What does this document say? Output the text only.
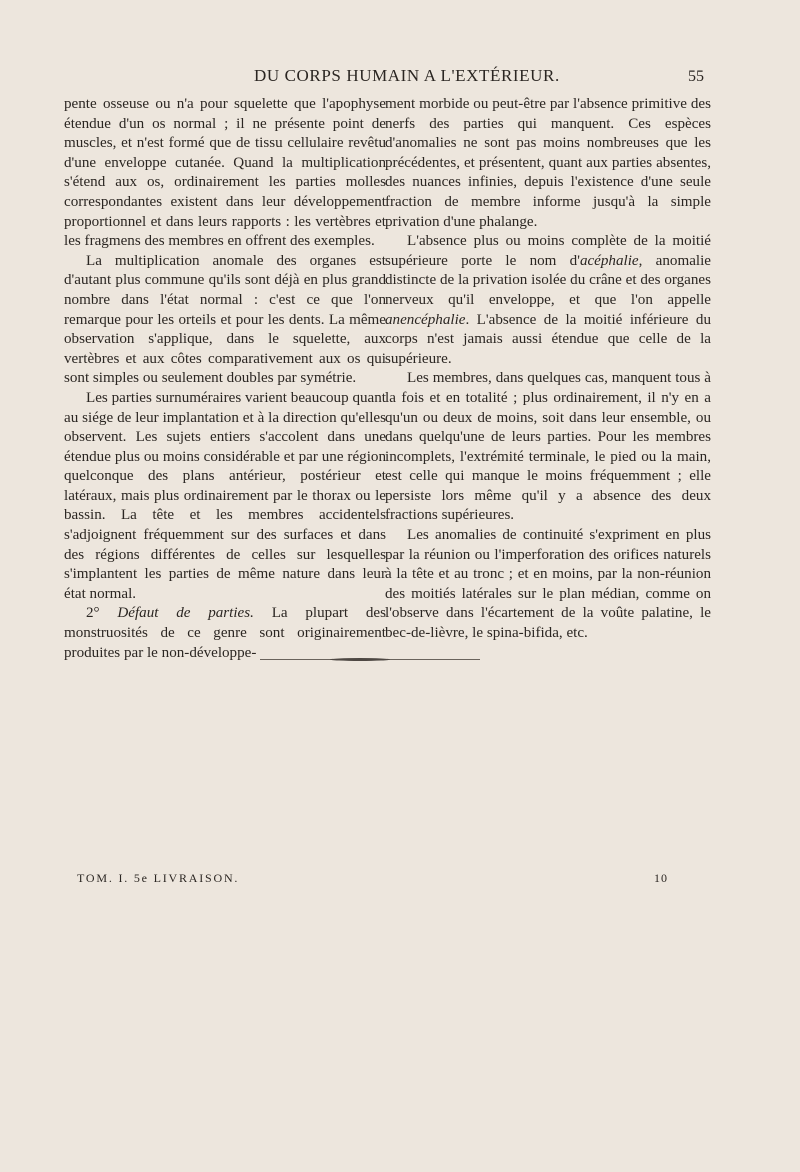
DU CORPS HUMAIN A L'EXTÉRIEUR.	55

pente osseuse ou n'a pour squelette que l'apophyse étendue d'un os normal ; il ne présente point de muscles, et n'est formé que de tissu cellulaire revêtu d'une enveloppe cutanée. Quand la multiplication s'étend aux os, ordinairement les parties molles correspondantes existent dans leur développement proportionnel et dans leurs rapports : les vertèbres et les fragmens des membres en offrent des exemples.

La multiplication anomale des organes est d'autant plus commune qu'ils sont déjà en plus grand nombre dans l'état normal : c'est ce que l'on remarque pour les orteils et pour les dents. La même observation s'applique, dans le squelette, aux vertèbres et aux côtes comparativement aux os qui sont simples ou seulement doubles par symétrie.

Les parties surnuméraires varient beaucoup quant au siége de leur implantation et à la direction qu'elles observent. Les sujets entiers s'accolent dans une étendue plus ou moins considérable et par une région quelconque des plans antérieur, postérieur et latéraux, mais plus ordinairement par le thorax ou le bassin. La tête et les membres accidentels s'adjoignent fréquemment sur des surfaces et dans des régions différentes de celles sur lesquelles s'implantent les parties de même nature dans leur état normal.

2° Défaut de parties. La plupart des monstruosités de ce genre sont originairement produites par le non-développe-

ment morbide ou peut-être par l'absence primitive des nerfs des parties qui manquent. Ces espèces d'anomalies ne sont pas moins nombreuses que les précédentes, et présentent, quant aux parties absentes, des nuances infinies, depuis l'existence d'une seule fraction de membre informe jusqu'à la simple privation d'une phalange.

L'absence plus ou moins complète de la moitié supérieure porte le nom d'acéphalie, anomalie distincte de la privation isolée du crâne et des organes nerveux qu'il enveloppe, et que l'on appelle anencéphalie. L'absence de la moitié inférieure du corps n'est jamais aussi étendue que celle de la supérieure.

Les membres, dans quelques cas, manquent tous à la fois et en totalité ; plus ordinairement, il n'y en a qu'un ou deux de moins, soit dans leur ensemble, ou dans quelqu'une de leurs parties. Pour les membres incomplets, l'extrémité terminale, le pied ou la main, est celle qui manque le moins fréquemment ; elle persiste lors même qu'il y a absence des deux fractions supérieures.

Les anomalies de continuité s'expriment en plus par la réunion ou l'imperforation des orifices naturels à la tête et au tronc ; et en moins, par la non-réunion des moitiés latérales sur le plan médian, comme on l'observe dans l'écartement de la voûte palatine, le bec-de-lièvre, le spina-bifida, etc.

TOM. I. 5e LIVRAISON.	10
